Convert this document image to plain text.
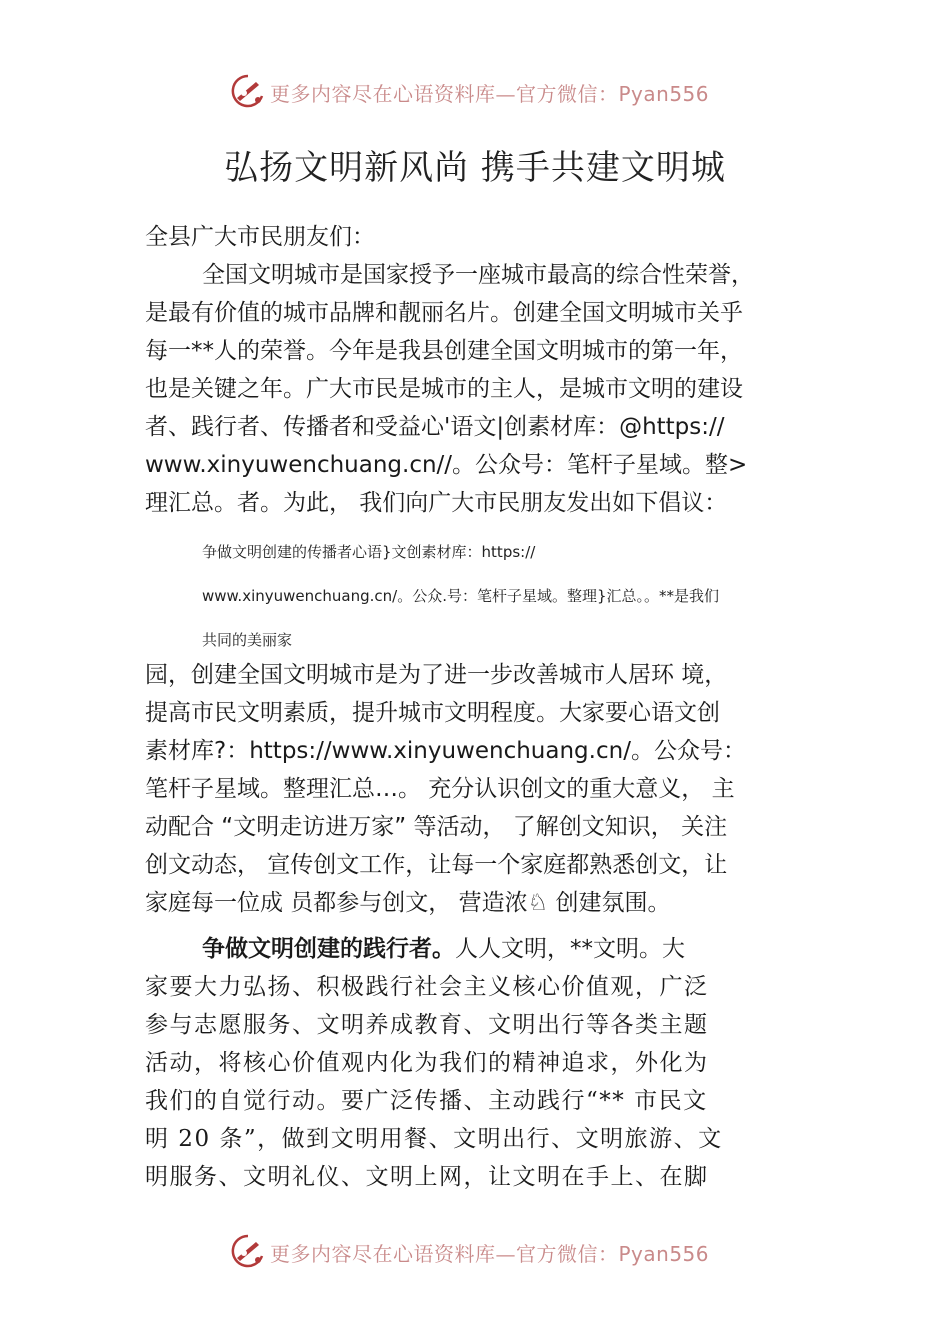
更多内容尽在心语资料库—官方微信：Pyan556
弘扬文明新风尚 携手共建文明城
全县广大市民朋友们：
全国文明城市是国家授予一座城市最高的综合性荣誉，
是最有价值的城市品牌和靓丽名片。创建全国文明城市关乎
每一**人的荣誉。今年是我县创建全国文明城市的第一年，
也是关键之年。广大市民是城市的主人，是城市文明的建设
者、践行者、传播者和受益心'语文|创素材库：@https://
www.xinyuwenchuang.cn//。公众号：笔杆子星域。整>
理汇总。者。为此， 我们向广大市民朋友发出如下倡议：
争做文明创建的传播者心语}文创素材库：https://
www.xinyuwenchuang.cn/。公众.号：笔杆子星域。整理}汇总。。**是我们
共同的美丽家
园，创建全国文明城市是为了进一步改善城市人居环 境，
提高市民文明素质，提升城市文明程度。大家要心语文创
素材库?：https://www.xinyuwenchuang.cn/。公众号：
笔杆子星域。整理汇总…。 充分认识创文的重大意义， 主
动配合 “文明走访进万家” 等活动， 了解创文知识， 关注
创文动态， 宣传创文工作，让每一个家庭都熟悉创文，让
家庭每一位成 员都参与创文， 营造浓♘ 创建氛围。
争做文明创建的践行者。人人文明，**文明。大
家要大力弘扬、积极践行社会主义核心价值观，广泛
参与志愿服务、文明养成教育、文明出行等各类主题
活动，将核心价值观内化为我们的精神追求，外化为
我们的自觉行动。要广泛传播、主动践行“** 市民文
明 20 条”，做到文明用餐、文明出行、文明旅游、文
明服务、文明礼仪、文明上网，让文明在手上、在脚
更多内容尽在心语资料库—官方微信：Pyan556
